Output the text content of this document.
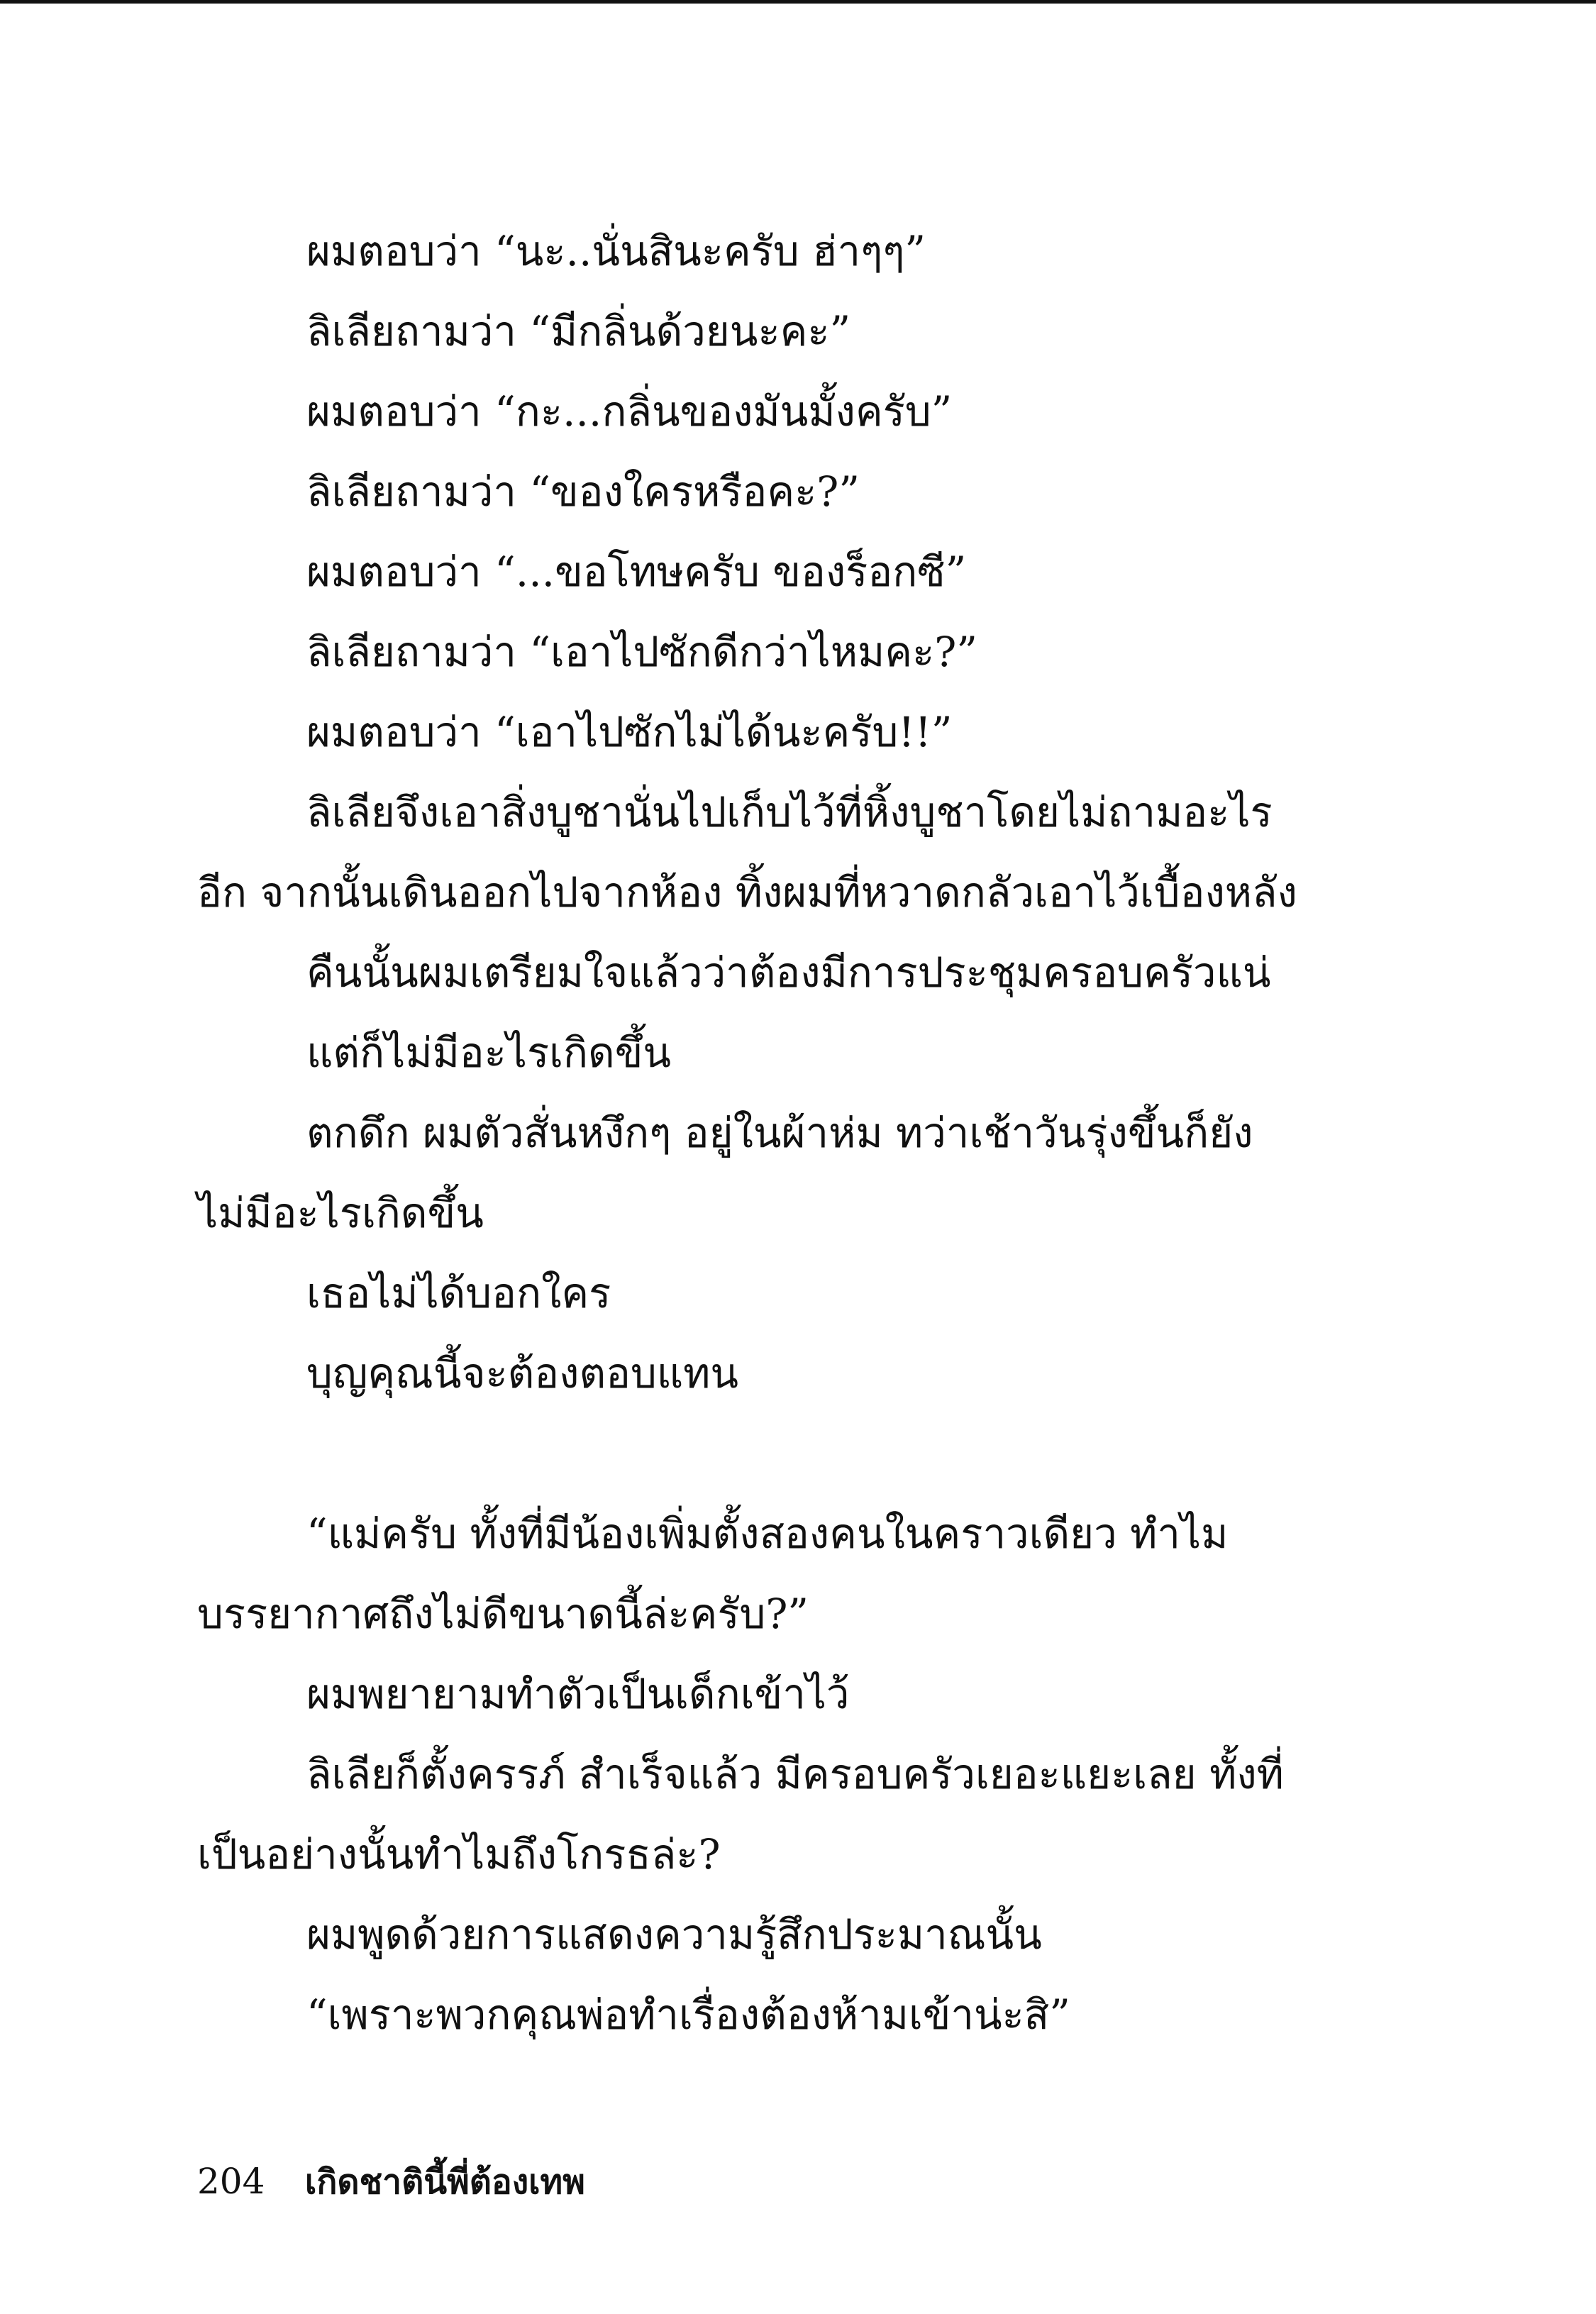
ผมตอบว่า “นะ..นั่นสินะครับ ฮ่าๆๆ”

ลิเลียถามว่า “มีกลิ่นด้วยนะคะ”

ผมตอบว่า “กะ...กลิ่นของมันมั้งครับ”

ลิเลียถามว่า “ของใครหรือคะ?”

ผมตอบว่า “...ขอโทษครับ ของร็อกซี”

ลิเลียถามว่า “เอาไปซักดีกว่าไหมคะ?”

ผมตอบว่า “เอาไปซักไม่ได้นะครับ!!”

ลิเลียจึงเอาสิ่งบูชานั่นไปเก็บไว้ที่หิ้งบูชาโดยไม่ถามอะไรอีก จากนั้นเดินออกไปจากห้อง ทิ้งผมที่หวาดกลัวเอาไว้เบื้องหลัง

คืนนั้นผมเตรียมใจแล้วว่าต้องมีการประชุมครอบครัวแน่

แต่ก็ไม่มีอะไรเกิดขึ้น

ตกดึก ผมตัวสั่นหงึกๆ อยู่ในผ้าห่ม ทว่าเช้าวันรุ่งขึ้นก็ยังไม่มีอะไรเกิดขึ้น

เธอไม่ได้บอกใคร

บุญคุณนี้จะต้องตอบแทน

“แม่ครับ ทั้งที่มีน้องเพิ่มตั้งสองคนในคราวเดียว ทำไมบรรยากาศถึงไม่ดีขนาดนี้ล่ะครับ?”

ผมพยายามทำตัวเป็นเด็กเข้าไว้

ลิเลียก็ตั้งครรภ์ สำเร็จแล้ว มีครอบครัวเยอะแยะเลย ทั้งที่เป็นอย่างนั้นทำไมถึงโกรธล่ะ?

ผมพูดด้วยการแสดงความรู้สึกประมาณนั้น

“เพราะพวกคุณพ่อทำเรื่องต้องห้ามเข้าน่ะสิ”

204 เกิดชาตินี้พี่ต้องเทพ
